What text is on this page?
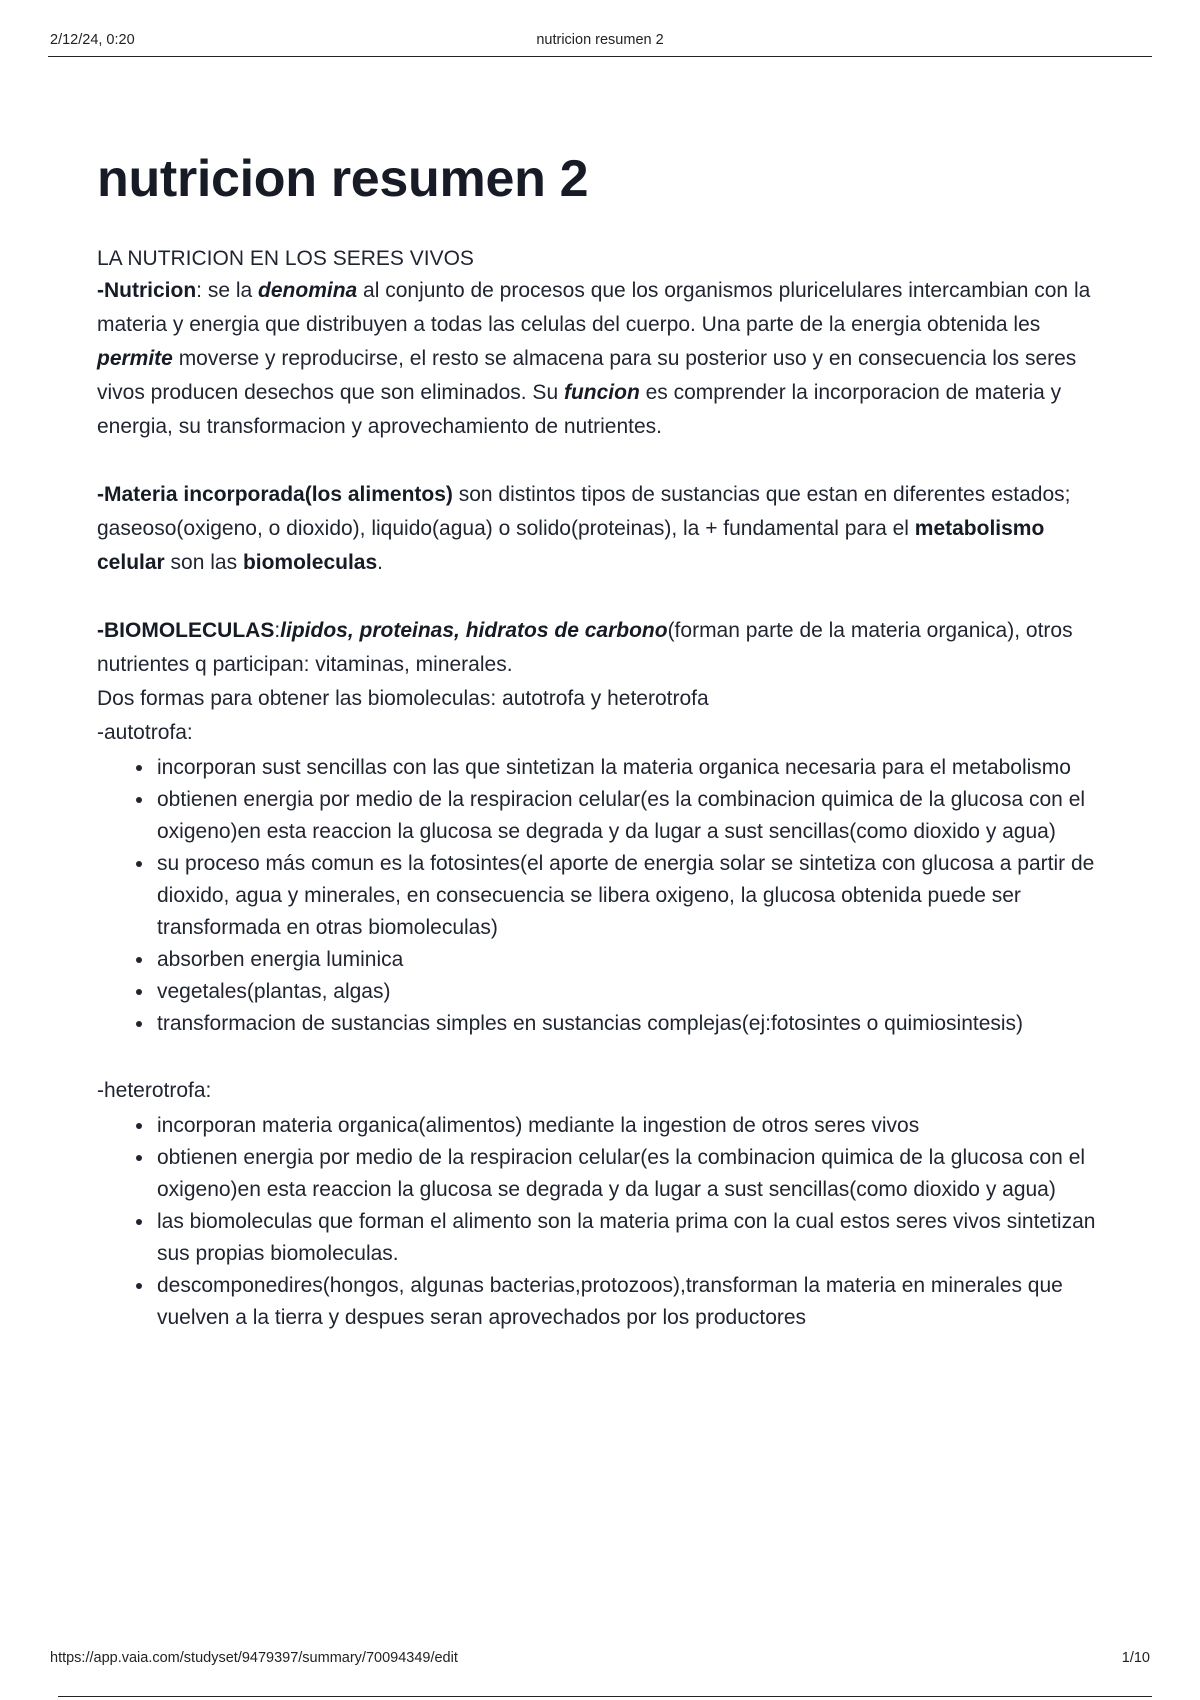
2/12/24, 0:20	nutricion resumen 2
nutricion resumen 2

LA NUTRICION EN LOS SERES VIVOS

-Nutricion: se la denomina al conjunto de procesos que los organismos pluricelulares intercambian con la materia y energia que distribuyen a todas las celulas del cuerpo. Una parte de la energia obtenida les permite moverse y reproducirse, el resto se almacena para su posterior uso y en consecuencia los seres vivos producen desechos que son eliminados. Su funcion es comprender la incorporacion de materia y energia, su transformacion y aprovechamiento de nutrientes.

-Materia incorporada(los alimentos) son distintos tipos de sustancias que estan en diferentes estados; gaseoso(oxigeno, o dioxido), liquido(agua) o solido(proteinas), la + fundamental para el metabolismo celular son las biomoleculas.

-BIOMOLECULAS:lipidos, proteinas, hidratos de carbono(forman parte de la materia organica), otros nutrientes q participan: vitaminas, minerales.

Dos formas para obtener las biomoleculas: autotrofa y heterotrofa

-autotrofa:

incorporan sust sencillas con las que sintetizan la materia organica necesaria para el metabolismo
obtienen energia por medio de la respiracion celular(es la combinacion quimica de la glucosa con el oxigeno)en esta reaccion la glucosa se degrada y da lugar a sust sencillas(como dioxido y agua)
su proceso más comun es la fotosintes(el aporte de energia solar se sintetiza con glucosa a partir de dioxido, agua y minerales, en consecuencia se libera oxigeno, la glucosa obtenida puede ser transformada en otras biomoleculas)
absorben energia luminica
vegetales(plantas, algas)
transformacion de sustancias simples en sustancias complejas(ej:fotosintes o quimiosintesis)

-heterotrofa:

incorporan materia organica(alimentos) mediante la ingestion de otros seres vivos
obtienen energia por medio de la respiracion celular(es la combinacion quimica de la glucosa con el oxigeno)en esta reaccion la glucosa se degrada y da lugar a sust sencillas(como dioxido y agua)
las biomoleculas que forman el alimento son la materia prima con la cual estos seres vivos sintetizan sus propias biomoleculas.
descomponedires(hongos, algunas bacterias,protozoos),transforman la materia en minerales que vuelven a la tierra y despues seran aprovechados por los productores
https://app.vaia.com/studyset/9479397/summary/70094349/edit	1/10
